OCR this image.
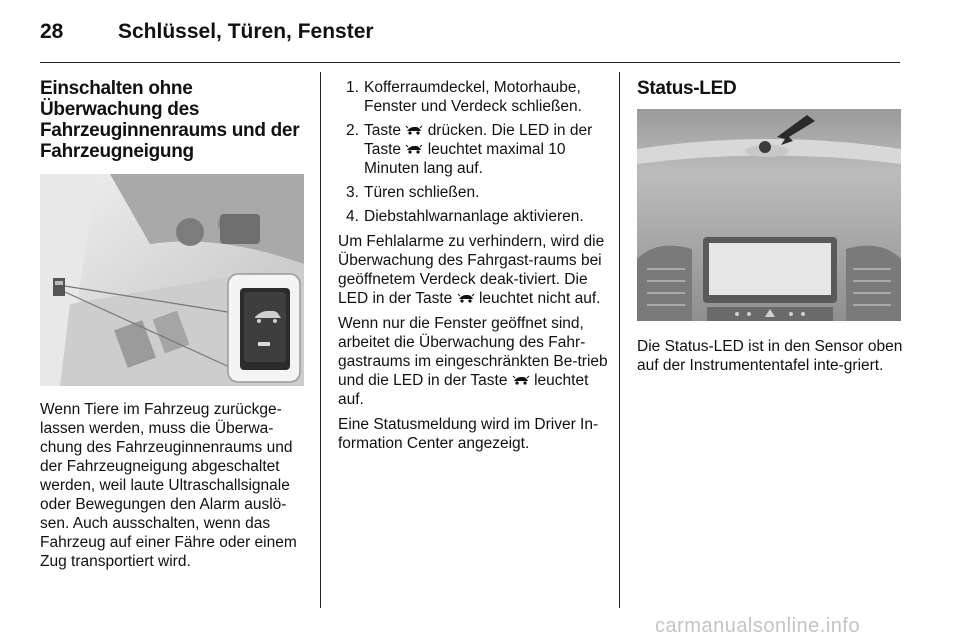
28	Schlüssel, Türen, Fenster
Einschalten ohne Überwachung des Fahrzeuginnenraums und der Fahrzeugneigung

Wenn Tiere im Fahrzeug zurückge-lassen werden, muss die Überwa-chung des Fahrzeuginnenraums und der Fahrzeugneigung abgeschaltet werden, weil laute Ultraschallsignale oder Bewegungen den Alarm auslö-sen. Auch ausschalten, wenn das Fahrzeug auf einer Fähre oder einem Zug transportiert wird.

1. Kofferraumdeckel, Motorhaube, Fenster und Verdeck schließen.
2. Taste drücken. Die LED in der Taste leuchtet maximal 10 Minuten lang auf.
3. Türen schließen.
4. Diebstahlwarnanlage aktivieren.

Um Fehlalarme zu verhindern, wird die Überwachung des Fahrgast-raums bei geöffnetem Verdeck deak-tiviert. Die LED in der Taste leuchtet nicht auf.

Wenn nur die Fenster geöffnet sind, arbeitet die Überwachung des Fahr-gastraums im eingeschränkten Be-trieb und die LED in der Taste leuchtet auf.

Eine Statusmeldung wird im Driver In-formation Center angezeigt.

Status-LED

Die Status-LED ist in den Sensor oben auf der Instrumententafel inte-griert.

carmanualsonline.info
